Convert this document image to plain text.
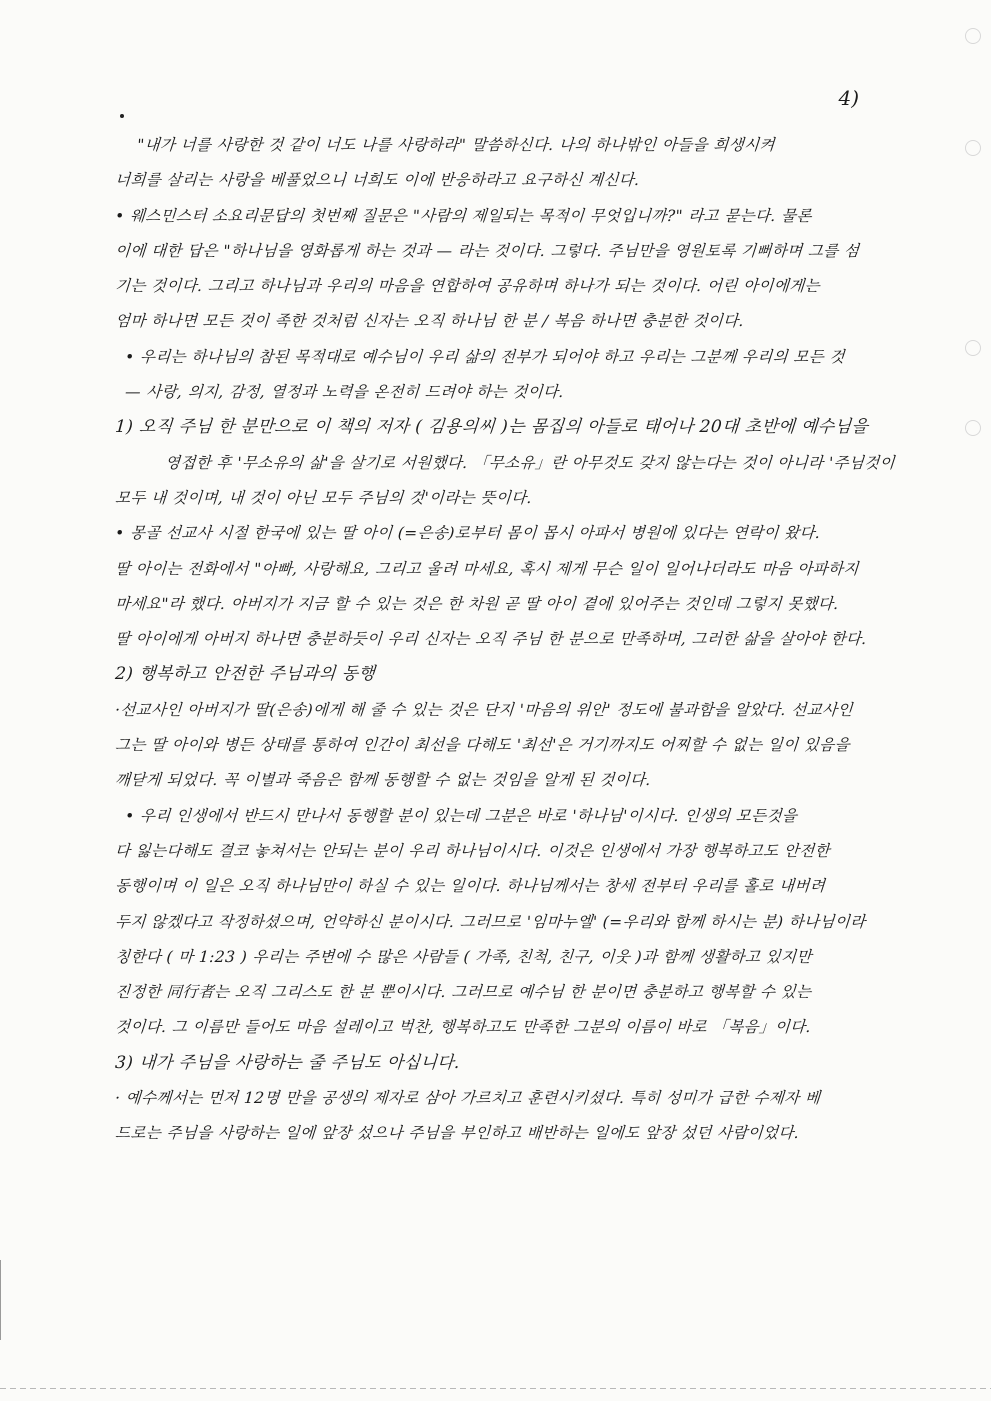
4)
"내가 너를 사랑한 것 같이 너도 나를 사랑하라" 말씀하신다. 나의 하나밖인 아들을 희생시켜
너희를 살리는 사랑을 베풀었으니 너희도 이에 반응하라고 요구하신 계신다.
• 웨스민스터 소요리문답의 첫번째 질문은 "사람의 제일되는 목적이 무엇입니까?" 라고 묻는다. 물론
이에 대한 답은 "하나님을 영화롭게 하는 것과 — 라는 것이다. 그렇다. 주님만을 영원토록 기뻐하며 그를 섬
기는 것이다. 그리고 하나님과 우리의 마음을 연합하여 공유하며 하나가 되는 것이다. 어린 아이에게는
엄마 하나면 모든 것이 족한 것처럼 신자는 오직 하나님 한 분 / 복음 하나면 충분한 것이다.
• 우리는 하나님의 참된 목적대로 예수님이 우리 삶의 전부가 되어야 하고 우리는 그분께 우리의 모든 것
— 사랑, 의지, 감정, 열정과 노력을 온전히 드려야 하는 것이다.
1) 오직 주님 한 분만으로 이 책의 저자 ( 김용의씨 )는 몸집의 아들로 태어나 20대 초반에 예수님을
영접한 후 '무소유의 삶'을 살기로 서원했다. 「무소유」란 아무것도 갖지 않는다는 것이 아니라 '주님것이
모두 내 것이며, 내 것이 아닌 모두 주님의 것'이라는 뜻이다.
• 몽골 선교사 시절 한국에 있는 딸 아이 (=은송)로부터 몸이 몹시 아파서 병원에 있다는 연락이 왔다.
딸 아이는 전화에서 "아빠, 사랑해요, 그리고 울려 마세요, 혹시 제게 무슨 일이 일어나더라도 마음 아파하지
마세요"라 했다. 아버지가 지금 할 수 있는 것은 한 차원 곧 딸 아이 곁에 있어주는 것인데 그렇지 못했다.
딸 아이에게 아버지 하나면 충분하듯이 우리 신자는 오직 주님 한 분으로 만족하며, 그러한 삶을 살아야 한다.
2) 행복하고 안전한 주님과의 동행
·선교사인 아버지가 딸(은송)에게 해 줄 수 있는 것은 단지 '마음의 위안' 정도에 불과함을 알았다. 선교사인
그는 딸 아이와 병든 상태를 통하여 인간이 최선을 다해도 '최선'은 거기까지도 어찌할 수 없는 일이 있음을
깨닫게 되었다. 꼭 이별과 죽음은 함께 동행할 수 없는 것임을 알게 된 것이다.
• 우리 인생에서 반드시 만나서 동행할 분이 있는데 그분은 바로 '하나님'이시다. 인생의 모든것을
다 잃는다해도 결코 놓쳐서는 안되는 분이 우리 하나님이시다. 이것은 인생에서 가장 행복하고도 안전한
동행이며 이 일은 오직 하나님만이 하실 수 있는 일이다. 하나님께서는 창세 전부터 우리를 홀로 내버려
두지 않겠다고 작정하셨으며, 언약하신 분이시다. 그러므로 '임마누엘' (=우리와 함께 하시는 분) 하나님이라
칭한다 ( 마 1:23 ) 우리는 주변에 수 많은 사람들 ( 가족, 친척, 친구, 이웃 )과 함께 생활하고 있지만
진정한 同行者는 오직 그리스도 한 분 뿐이시다. 그러므로 예수님 한 분이면 충분하고 행복할 수 있는
것이다. 그 이름만 들어도 마음 설레이고 벅찬, 행복하고도 만족한 그분의 이름이 바로 「복음」이다.
3) 내가 주님을 사랑하는 줄 주님도 아십니다.
· 예수께서는 먼저 12명 만을 공생의 제자로 삼아 가르치고 훈련시키셨다. 특히 성미가 급한 수제자 베
드로는 주님을 사랑하는 일에 앞장 섰으나 주님을 부인하고 배반하는 일에도 앞장 섰던 사람이었다.
